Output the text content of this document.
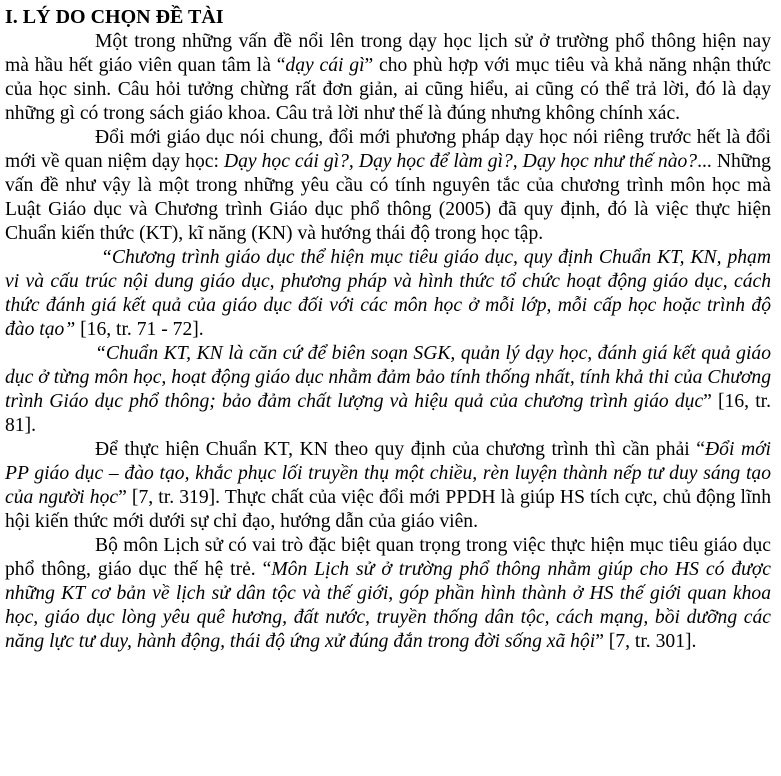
I. LÝ DO CHỌN ĐỀ TÀI

Một trong những vấn đề nổi lên trong dạy học lịch sử ở trường phổ thông hiện nay mà hầu hết giáo viên quan tâm là “dạy cái gì” cho phù hợp với mục tiêu và khả năng nhận thức của học sinh. Câu hỏi tưởng chừng rất đơn giản, ai cũng hiểu, ai cũng có thể trả lời, đó là dạy những gì có trong sách giáo khoa. Câu trả lời như thế là đúng nhưng không chính xác.

Đổi mới giáo dục nói chung, đổi mới phương pháp dạy học nói riêng trước hết là đổi mới về quan niệm dạy học: Dạy học cái gì?, Dạy học để làm gì?, Dạy học như thế nào?... Những vấn đề như vậy là một trong những yêu cầu có tính nguyên tắc của chương trình môn học mà Luật Giáo dục và Chương trình Giáo dục phổ thông (2005) đã quy định, đó là việc thực hiện Chuẩn kiến thức (KT), kĩ năng (KN) và hướng thái độ trong học tập.

“Chương trình giáo dục thể hiện mục tiêu giáo dục, quy định Chuẩn KT, KN, phạm vi và cấu trúc nội dung giáo dục, phương pháp và hình thức tổ chức hoạt động giáo dục, cách thức đánh giá kết quả của giáo dục đối với các môn học ở mỗi lớp, mỗi cấp học hoặc trình độ đào tạo” [16, tr. 71 - 72].

“Chuẩn KT, KN là căn cứ để biên soạn SGK, quản lý dạy học, đánh giá kết quả giáo dục ở từng môn học, hoạt động giáo dục nhằm đảm bảo tính thống nhất, tính khả thi của Chương trình Giáo dục phổ thông; bảo đảm chất lượng và hiệu quả của chương trình giáo dục” [16, tr. 81].

Để thực hiện Chuẩn KT, KN theo quy định của chương trình thì cần phải “Đổi mới PP giáo dục – đào tạo, khắc phục lối truyền thụ một chiều, rèn luyện thành nếp tư duy sáng tạo của người học” [7, tr. 319]. Thực chất của việc đổi mới PPDH là giúp HS tích cực, chủ động lĩnh hội kiến thức mới dưới sự chỉ đạo, hướng dẫn của giáo viên.

Bộ môn Lịch sử có vai trò đặc biệt quan trọng trong việc thực hiện mục tiêu giáo dục phổ thông, giáo dục thế hệ trẻ. “Môn Lịch sử ở trường phổ thông nhằm giúp cho HS có được những KT cơ bản về lịch sử dân tộc và thế giới, góp phần hình thành ở HS thế giới quan khoa học, giáo dục lòng yêu quê hương, đất nước, truyền thống dân tộc, cách mạng, bồi dưỡng các năng lực tư duy, hành động, thái độ ứng xử đúng đắn trong đời sống xã hội” [7, tr. 301].
